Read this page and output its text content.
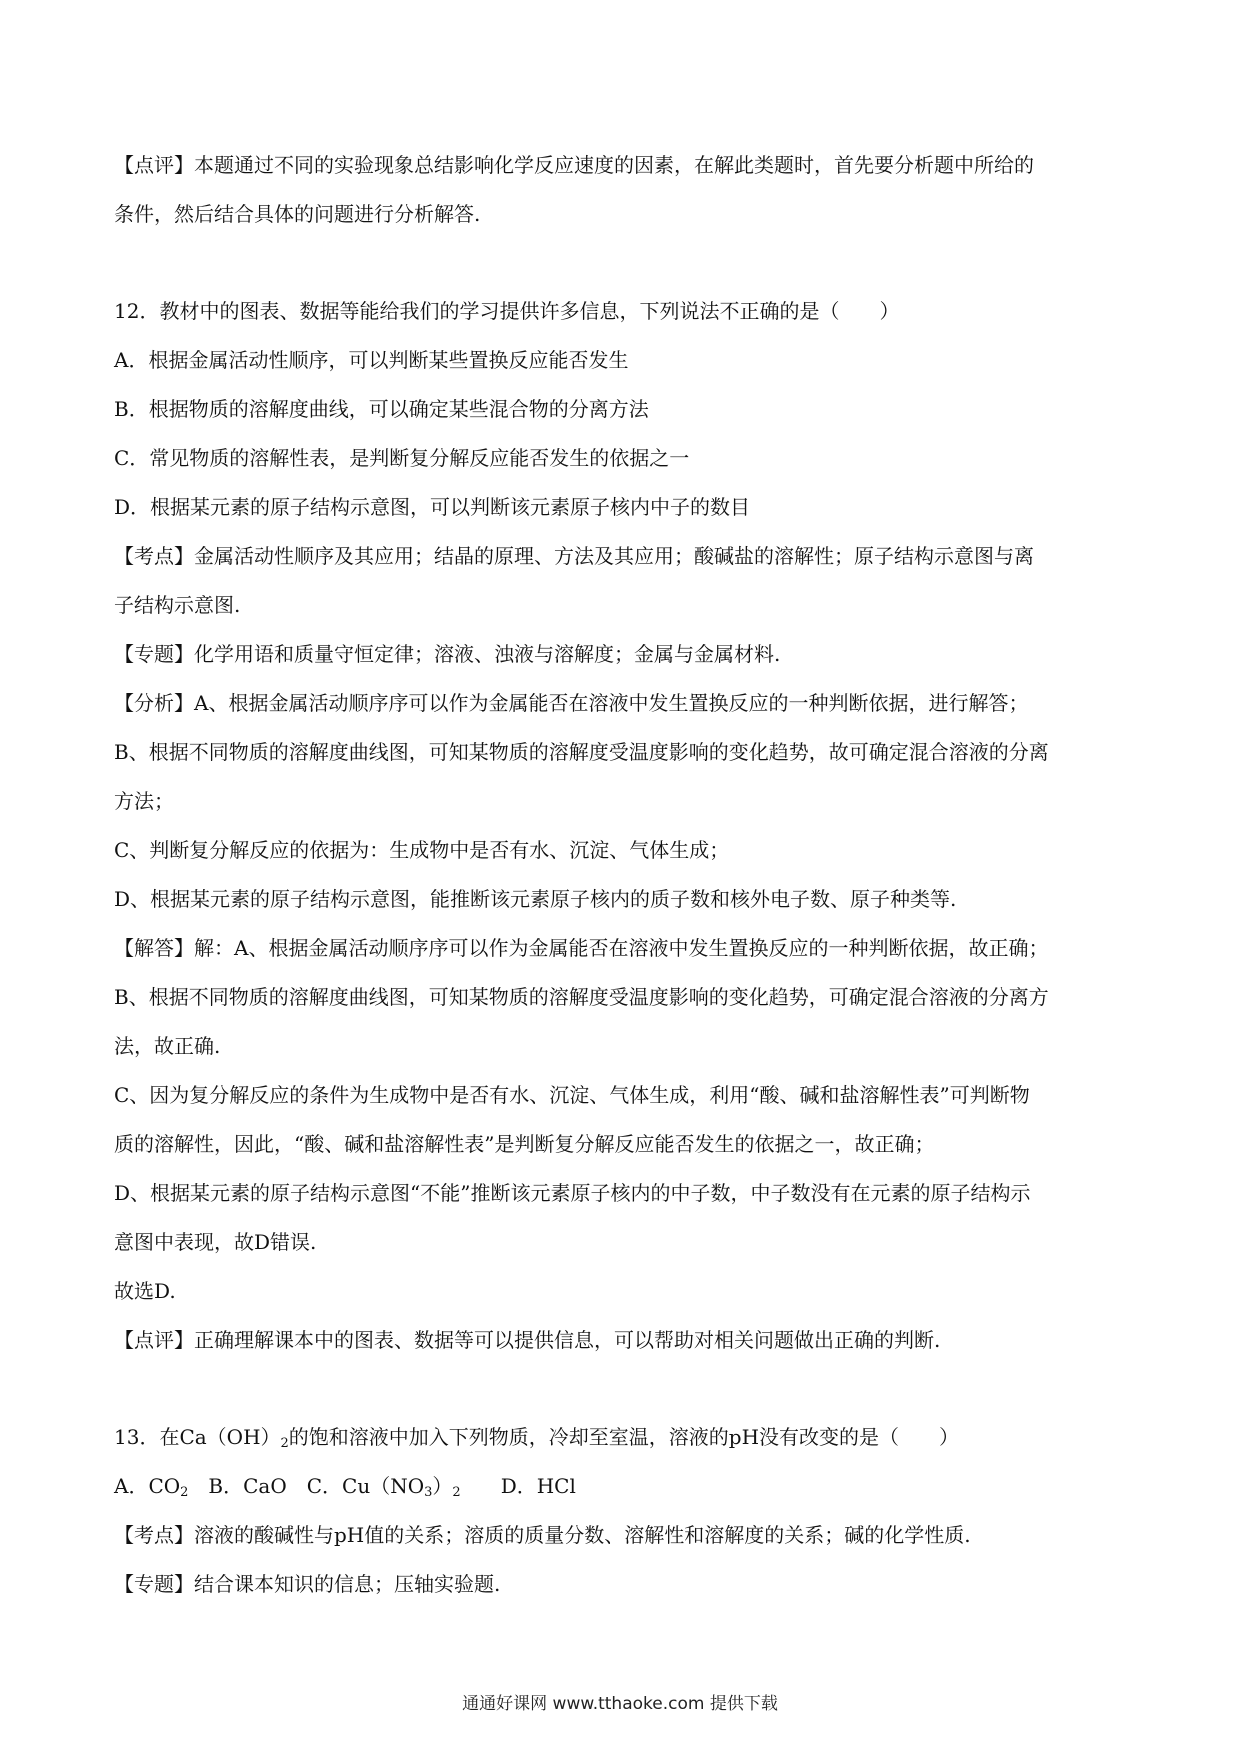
【点评】本题通过不同的实验现象总结影响化学反应速度的因素，在解此类题时，首先要分析题中所给的
条件，然后结合具体的问题进行分析解答.
12．教材中的图表、数据等能给我们的学习提供许多信息，下列说法不正确的是（　　）
A．根据金属活动性顺序，可以判断某些置换反应能否发生
B．根据物质的溶解度曲线，可以确定某些混合物的分离方法
C．常见物质的溶解性表，是判断复分解反应能否发生的依据之一
D．根据某元素的原子结构示意图，可以判断该元素原子核内中子的数目
【考点】金属活动性顺序及其应用；结晶的原理、方法及其应用；酸碱盐的溶解性；原子结构示意图与离
子结构示意图.
【专题】化学用语和质量守恒定律；溶液、浊液与溶解度；金属与金属材料.
【分析】A、根据金属活动顺序序可以作为金属能否在溶液中发生置换反应的一种判断依据，进行解答；
B、根据不同物质的溶解度曲线图，可知某物质的溶解度受温度影响的变化趋势，故可确定混合溶液的分离
方法；
C、判断复分解反应的依据为：生成物中是否有水、沉淀、气体生成；
D、根据某元素的原子结构示意图，能推断该元素原子核内的质子数和核外电子数、原子种类等.
【解答】解：A、根据金属活动顺序序可以作为金属能否在溶液中发生置换反应的一种判断依据，故正确；
B、根据不同物质的溶解度曲线图，可知某物质的溶解度受温度影响的变化趋势，可确定混合溶液的分离方
法，故正确.
C、因为复分解反应的条件为生成物中是否有水、沉淀、气体生成，利用“酸、碱和盐溶解性表”可判断物
质的溶解性，因此，“酸、碱和盐溶解性表”是判断复分解反应能否发生的依据之一，故正确；
D、根据某元素的原子结构示意图“不能”推断该元素原子核内的中子数，中子数没有在元素的原子结构示
意图中表现，故D错误.
故选D.
【点评】正确理解课本中的图表、数据等可以提供信息，可以帮助对相关问题做出正确的判断.
13．在$Ca(OH)_2$的饱和溶液中加入下列物质，冷却至室温，溶液的pH没有改变的是（　　）
A．$CO_2$　B．CaO　C．$Cu(NO_3)_2$　　D．HCl
【考点】溶液的酸碱性与pH值的关系；溶质的质量分数、溶解性和溶解度的关系；碱的化学性质.
【专题】结合课本知识的信息；压轴实验题.
通通好课网 www.tthaoke.com 提供下载
